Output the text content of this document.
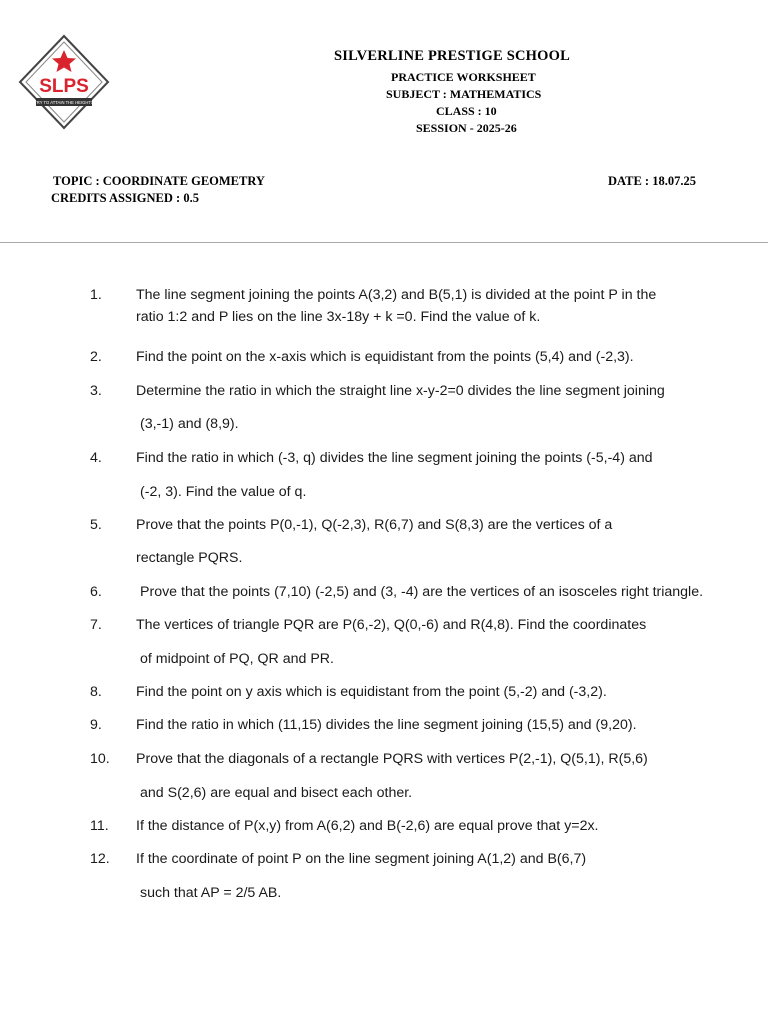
SLPS
TRY TO ATTAIN THE HEIGHTS
SILVERLINE PRESTIGE SCHOOL
PRACTICE WORKSHEET
SUBJECT : MATHEMATICS
CLASS : 10
SESSION - 2025-26
TOPIC : COORDINATE GEOMETRY
CREDITS ASSIGNED : 0.5
DATE : 18.07.25
1. The line segment joining the points A(3,2) and B(5,1) is divided at the point P in the
ratio 1:2 and P lies on the line 3x-18y + k =0. Find the value of k.
2. Find the point on the x-axis which is equidistant from the points (5,4) and (-2,3).
3. Determine the ratio in which the straight line x-y-2=0 divides the line segment joining
(3,-1) and (8,9).
4. Find the ratio in which (-3, q) divides the line segment joining the points (-5,-4) and
(-2, 3). Find the value of q.
5. Prove that the points P(0,-1), Q(-2,3), R(6,7) and S(8,3) are the vertices of a
rectangle PQRS.
6.	Prove that the points (7,10) (-2,5) and (3, -4) are the vertices of an isosceles right triangle.
7. The vertices of triangle PQR are P(6,-2), Q(0,-6) and R(4,8). Find the coordinates
of midpoint of PQ, QR and PR.
8. Find the point on y axis which is equidistant from the point (5,-2) and (-3,2).
9. Find the ratio in which (11,15) divides the line segment joining (15,5) and (9,20).
10. Prove that the diagonals of a rectangle PQRS with vertices P(2,-1), Q(5,1), R(5,6)
and S(2,6) are equal and bisect each other.
11. If the distance of P(x,y) from A(6,2) and B(-2,6) are equal prove that y=2x.
12. If the coordinate of point P on the line segment joining A(1,2) and B(6,7)
such that AP = 2/5 AB.
